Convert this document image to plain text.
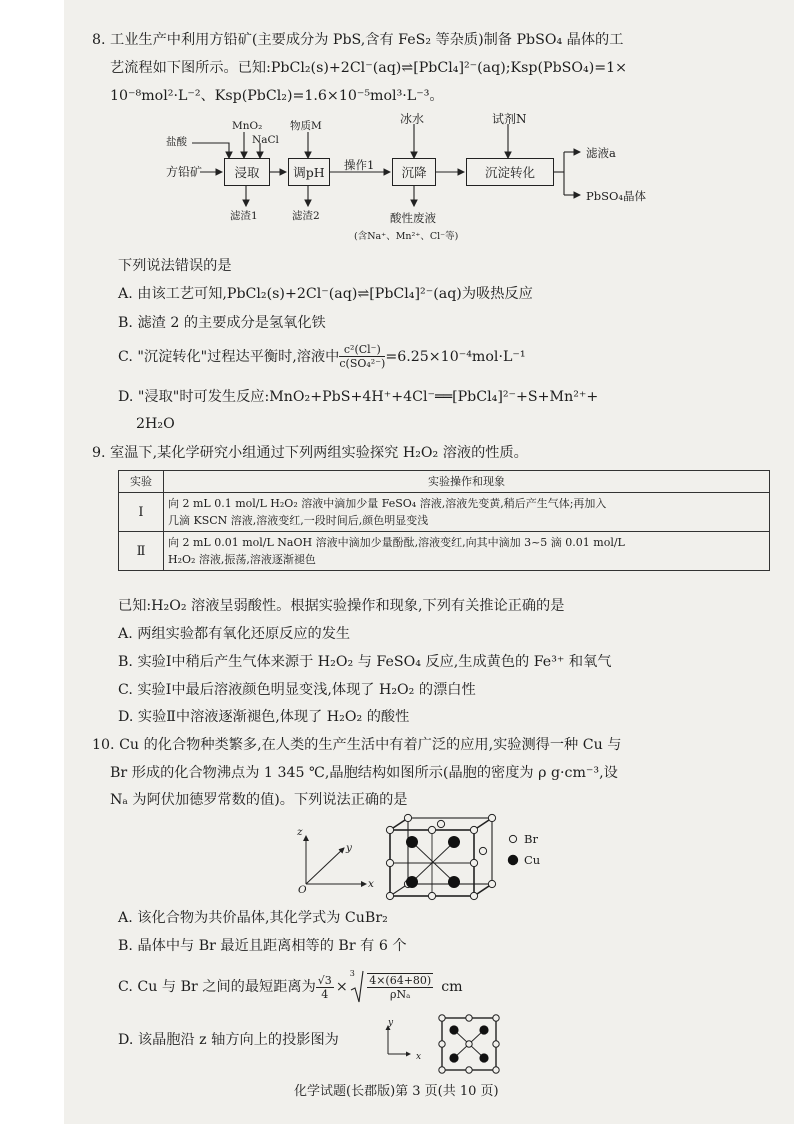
8. 工业生产中利用方铅矿(主要成分为 PbS,含有 FeS₂ 等杂质)制备 PbSO₄ 晶体的工
艺流程如下图所示。已知:PbCl₂(s)+2Cl⁻(aq)⇌[PbCl₄]²⁻(aq);Ksp(PbSO₄)=1×
10⁻⁸mol²·L⁻²、Ksp(PbCl₂)=1.6×10⁻⁵mol³·L⁻³。
方铅矿	浸取	调pH	沉降	沉淀转化
盐酸
MnO₂
NaCl
物质M	冰水	试剂N
操作1
滤渣1	滤渣2	酸性废液
(含Na⁺、Mn²⁺、Cl⁻等)
滤液a
PbSO₄晶体
下列说法错误的是
A. 由该工艺可知,PbCl₂(s)+2Cl⁻(aq)⇌[PbCl₄]²⁻(aq)为吸热反应
B. 滤渣 2 的主要成分是氢氧化铁
C. "沉淀转化"过程达平衡时,溶液中 $\frac{\text{c²(Cl⁻)}}{\text{c(SO₄²⁻)}} =6.25\times 10^{-4}mol\cdot L^{-1}$
D. "浸取"时可发生反应:MnO₂+PbS+4H⁺+4Cl⁻══[PbCl₄]²⁻+S+Mn²⁺+
2H₂O
9. 室温下,某化学研究小组通过下列两组实验探究 H₂O₂ 溶液的性质。
实验	实验操作和现象
Ⅰ	向 2 mL 0.1 mol/L H₂O₂ 溶液中滴加少量 FeSO₄ 溶液,溶液先变黄,稍后产生气体;再加入
几滴 KSCN 溶液,溶液变红,一段时间后,颜色明显变浅

Ⅱ	向 2 mL 0.01 mol/L NaOH 溶液中滴加少量酚酞,溶液变红,向其中滴加 3~5 滴 0.01 mol/L
H₂O₂ 溶液,振荡,溶液逐渐褪色
已知:H₂O₂ 溶液呈弱酸性。根据实验操作和现象,下列有关推论正确的是
A. 两组实验都有氧化还原反应的发生
B. 实验Ⅰ中稍后产生气体来源于 H₂O₂ 与 FeSO₄ 反应,生成黄色的 Fe³⁺ 和氧气
C. 实验Ⅰ中最后溶液颜色明显变浅,体现了 H₂O₂ 的漂白性
D. 实验Ⅱ中溶液逐渐褪色,体现了 H₂O₂ 的酸性
10. Cu 的化合物种类繁多,在人类的生产生活中有着广泛的应用,实验测得一种 Cu 与
Br 形成的化合物沸点为 1 345 ℃,晶胞结构如图所示(晶胞的密度为 ρ g·cm⁻³,设
Nₐ 为阿伏加德罗常数的值)。下列说法正确的是
z
y
x
O
Br
Cu
A. 该化合物为共价晶体,其化学式为 CuBr₂
B. 晶体中与 Br 最近且距离相等的 Br 有 6 个
C. Cu 与 Br 之间的最短距离为 $\frac{√3}{4}$ ×
3
$\frac{4\times(64+80)}{\text{ρNₐ}}$ cm
D. 该晶胞沿 z 轴方向上的投影图为
y
x
化学试题(长郡版)第 3 页(共 10 页)
